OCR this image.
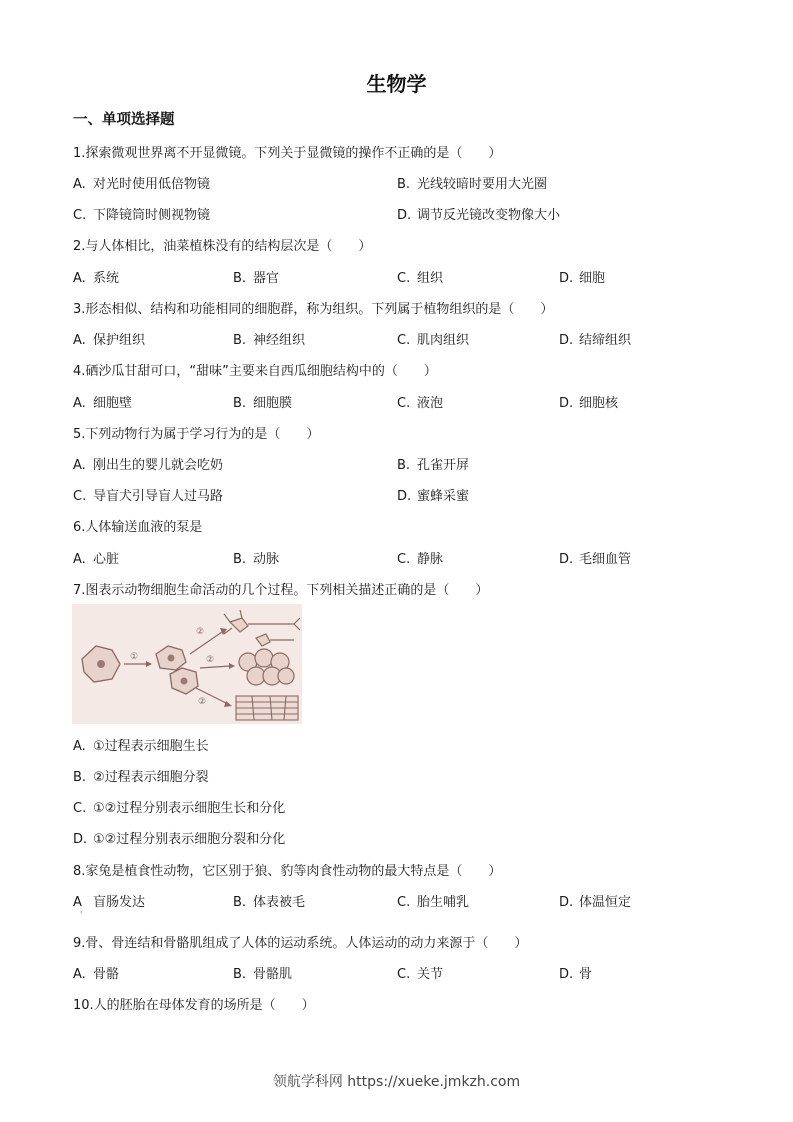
生物学
一、单项选择题
1.探索微观世界离不开显微镜。下列关于显微镜的操作不正确的是（　　）
A. 对光时使用低倍物镜	B. 光线较暗时要用大光圈
C. 下降镜筒时侧视物镜	D. 调节反光镜改变物像大小
2.与人体相比，油菜植株没有的结构层次是（　　）
A. 系统	B. 器官	C. 组织	D. 细胞
3.形态相似、结构和功能相同的细胞群，称为组织。下列属于植物组织的是（　　）
A. 保护组织	B. 神经组织	C. 肌肉组织	D. 结缔组织
4.硒沙瓜甘甜可口，“甜味”主要来自西瓜细胞结构中的（　　）
A. 细胞壁	B. 细胞膜	C. 液泡	D. 细胞核
5.下列动物行为属于学习行为的是（　　）
A. 刚出生的婴儿就会吃奶	B. 孔雀开屏
C. 导盲犬引导盲人过马路	D. 蜜蜂采蜜
6.人体输送血液的泵是
A. 心脏	B. 动脉	C. 静脉	D. 毛细血管
7.图表示动物细胞生命活动的几个过程。下列相关描述正确的是（　　）
①
②
②
②
A. ①过程表示细胞生长
B. ②过程表示细胞分裂
C. ①②过程分别表示细胞生长和分化
D. ①②过程分别表示细胞分裂和分化
8.家兔是植食性动物，它区别于狼、豹等肉食性动物的最大特点是（　　）
A 盲肠发达	B. 体表被毛	C. 胎生哺乳	D. 体温恒定
'
9.骨、骨连结和骨骼肌组成了人体的运动系统。人体运动的动力来源于（　　）
A. 骨骼	B. 骨骼肌	C. 关节	D. 骨
10.人的胚胎在母体发育的场所是（　　）
领航学科网 https://xueke.jmkzh.com
